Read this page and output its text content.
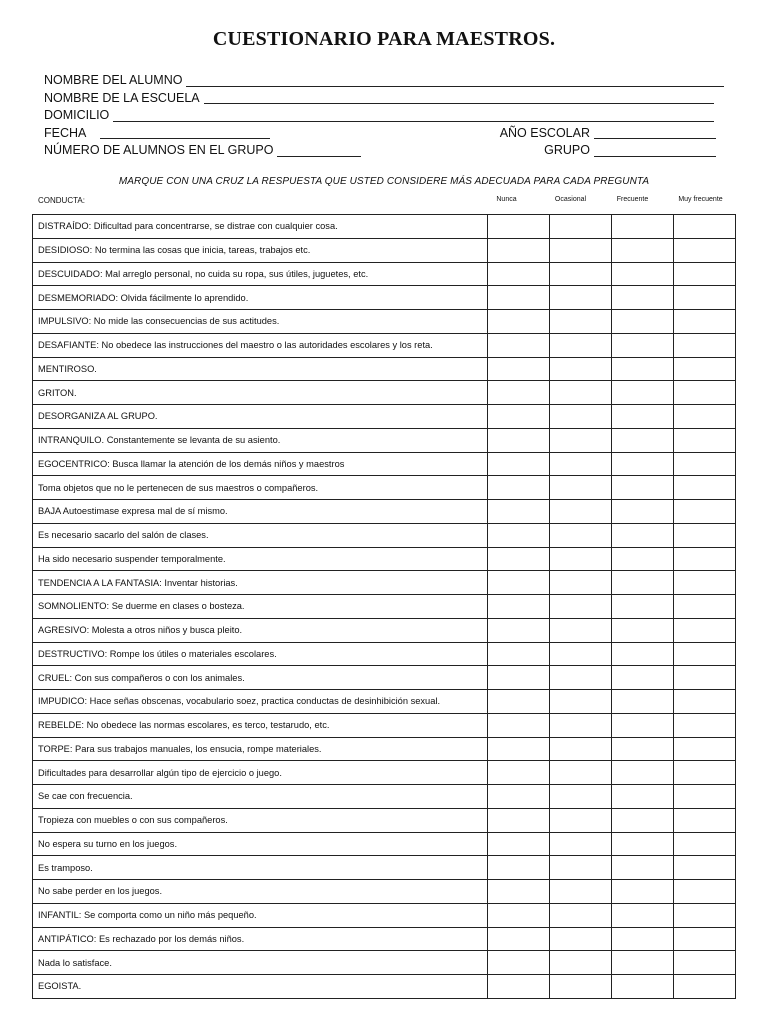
CUESTIONARIO PARA MAESTROS.
NOMBRE DEL ALUMNO
NOMBRE DE LA ESCUELA
DOMICILIO
FECHA	AÑO ESCOLAR
NÚMERO DE ALUMNOS EN EL GRUPO	GRUPO
MARQUE CON UNA CRUZ LA RESPUESTA QUE USTED CONSIDERE MÁS ADECUADA PARA CADA PREGUNTA
CONDUCTA:	Nunca	Ocasional	Frecuente	Muy frecuente
DISTRAÍDO: Dificultad para concentrarse, se distrae con cualquier cosa.				
DESIDIOSO: No termina las cosas que inicia, tareas, trabajos etc.				
DESCUIDADO: Mal arreglo personal, no cuida su ropa, sus útiles, juguetes, etc.				
DESMEMORIADO: Olvida fácilmente lo aprendido.				
IMPULSIVO: No mide las consecuencias de sus actitudes.				
DESAFIANTE: No obedece las instrucciones del maestro o las autoridades escolares y los reta.				
MENTIROSO.				
GRITON.				
DESORGANIZA AL GRUPO.				
INTRANQUILO. Constantemente se levanta de su asiento.				
EGOCENTRICO: Busca llamar la atención de los demás niños y maestros				
Toma objetos que no le pertenecen de sus maestros o compañeros.				
BAJA Autoestimase expresa mal de sí mismo.				
Es necesario sacarlo del salón de clases.				
Ha sido necesario suspender temporalmente.				
TENDENCIA A LA FANTASIA: Inventar historias.				
SOMNOLIENTO: Se duerme en clases o bosteza.				
AGRESIVO: Molesta a otros niños y busca pleito.				
DESTRUCTIVO: Rompe los útiles o materiales escolares.				
CRUEL: Con sus compañeros o con los animales.				
IMPUDICO: Hace señas obscenas, vocabulario soez, practica conductas de desinhibición sexual.				
REBELDE: No obedece las normas escolares, es terco, testarudo, etc.				
TORPE: Para sus trabajos manuales, los ensucia, rompe materiales.				
Dificultades para desarrollar algún tipo de ejercicio o juego.				
Se cae con frecuencia.				
Tropieza con muebles o con sus compañeros.				
No espera su turno en los juegos.				
Es tramposo.				
No sabe perder en los juegos.				
INFANTIL: Se comporta como un niño más pequeño.				
ANTIPÁTICO: Es rechazado por los demás niños.				
Nada lo satisface.				
EGOISTA.				
